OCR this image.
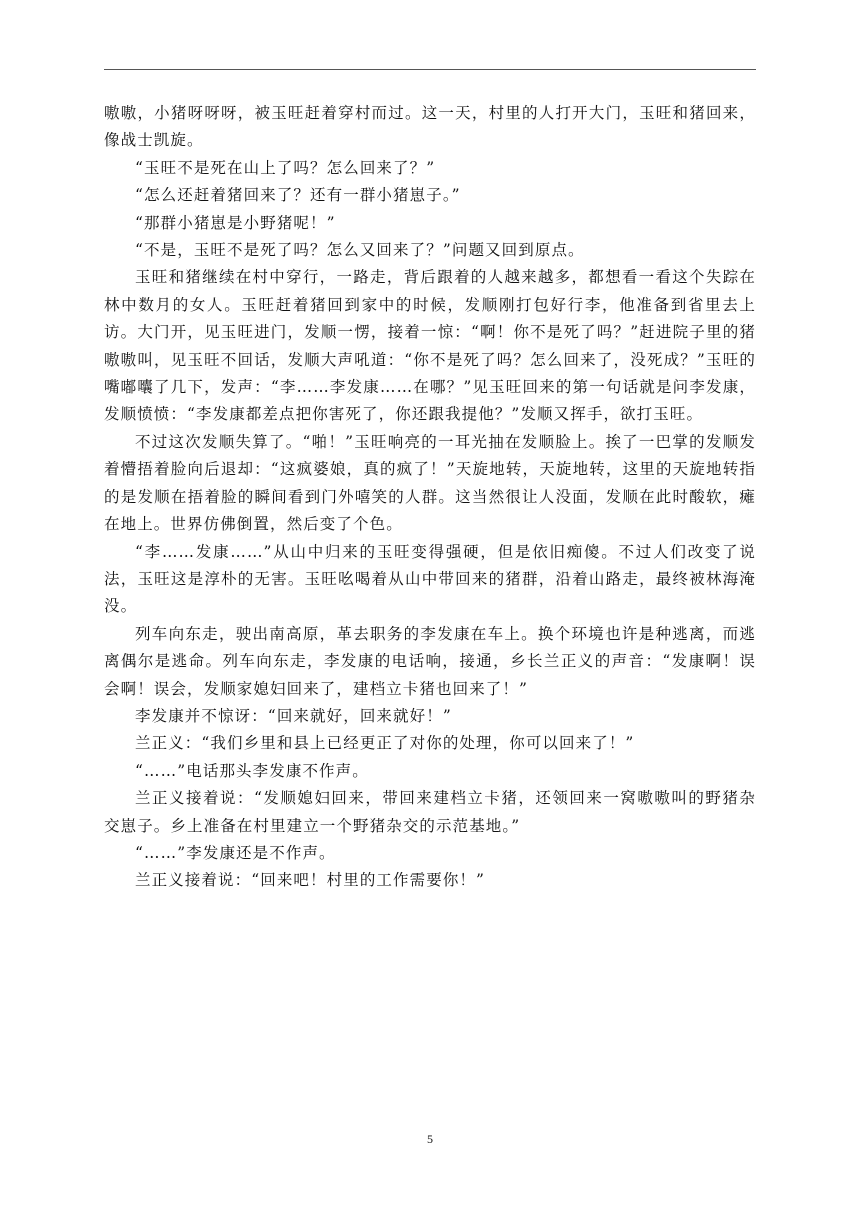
嗷嗷，小猪呀呀呀，被玉旺赶着穿村而过。这一天，村里的人打开大门，玉旺和猪回来，像战士凯旋。

“玉旺不是死在山上了吗？怎么回来了？”

“怎么还赶着猪回来了？还有一群小猪崽子。”

“那群小猪崽是小野猪呢！”

“不是，玉旺不是死了吗？怎么又回来了？”问题又回到原点。

玉旺和猪继续在村中穿行，一路走，背后跟着的人越来越多，都想看一看这个失踪在林中数月的女人。玉旺赶着猪回到家中的时候，发顺刚打包好行李，他准备到省里去上访。大门开，见玉旺进门，发顺一愣，接着一惊：“啊！你不是死了吗？”赶进院子里的猪嗷嗷叫，见玉旺不回话，发顺大声吼道：“你不是死了吗？怎么回来了，没死成？”玉旺的嘴嘟囔了几下，发声：“李……李发康……在哪？”见玉旺回来的第一句话就是问李发康，发顺愤愤：“李发康都差点把你害死了，你还跟我提他？”发顺又挥手，欲打玉旺。

不过这次发顺失算了。“啪！”玉旺响亮的一耳光抽在发顺脸上。挨了一巴掌的发顺发着懵捂着脸向后退却：“这疯婆娘，真的疯了！”天旋地转，天旋地转，这里的天旋地转指的是发顺在捂着脸的瞬间看到门外嘻笑的人群。这当然很让人没面，发顺在此时酸软，瘫在地上。世界仿佛倒置，然后变了个色。

“李……发康……”从山中归来的玉旺变得强硬，但是依旧痴傻。不过人们改变了说法，玉旺这是淳朴的无害。玉旺吆喝着从山中带回来的猪群，沿着山路走，最终被林海淹没。

列车向东走，驶出南高原，革去职务的李发康在车上。换个环境也许是种逃离，而逃离偶尔是逃命。列车向东走，李发康的电话响，接通，乡长兰正义的声音：“发康啊！误会啊！误会，发顺家媳妇回来了，建档立卡猪也回来了！”

李发康并不惊讶：“回来就好，回来就好！”

兰正义：“我们乡里和县上已经更正了对你的处理，你可以回来了！”

“……”电话那头李发康不作声。

兰正义接着说：“发顺媳妇回来，带回来建档立卡猪，还领回来一窝嗷嗷叫的野猪杂交崽子。乡上准备在村里建立一个野猪杂交的示范基地。”

“……”李发康还是不作声。

兰正义接着说：“回来吧！村里的工作需要你！”

5
